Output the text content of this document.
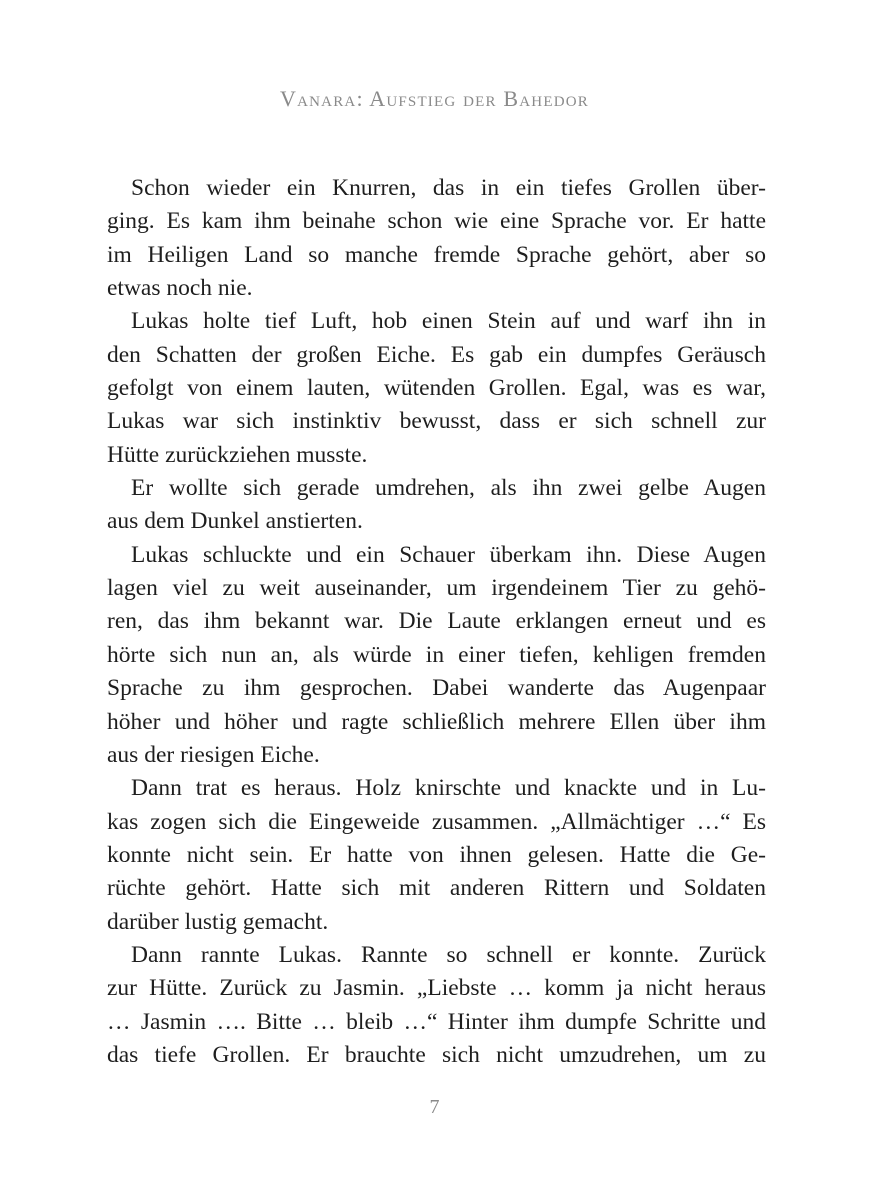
Vanara: Aufstieg der Bahedor
Schon wieder ein Knurren, das in ein tiefes Grollen über-
ging. Es kam ihm beinahe schon wie eine Sprache vor. Er hatte
im Heiligen Land so manche fremde Sprache gehört, aber so
etwas noch nie.
Lukas holte tief Luft, hob einen Stein auf und warf ihn in
den Schatten der großen Eiche. Es gab ein dumpfes Geräusch
gefolgt von einem lauten, wütenden Grollen. Egal, was es war,
Lukas war sich instinktiv bewusst, dass er sich schnell zur
Hütte zurückziehen musste.
Er wollte sich gerade umdrehen, als ihn zwei gelbe Augen
aus dem Dunkel anstierten.
Lukas schluckte und ein Schauer überkam ihn. Diese Augen
lagen viel zu weit auseinander, um irgendeinem Tier zu gehö-
ren, das ihm bekannt war. Die Laute erklangen erneut und es
hörte sich nun an, als würde in einer tiefen, kehligen fremden
Sprache zu ihm gesprochen. Dabei wanderte das Augenpaar
höher und höher und ragte schließlich mehrere Ellen über ihm
aus der riesigen Eiche.
Dann trat es heraus. Holz knirschte und knackte und in Lu-
kas zogen sich die Eingeweide zusammen. „Allmächtiger …“ Es
konnte nicht sein. Er hatte von ihnen gelesen. Hatte die Ge-
rüchte gehört. Hatte sich mit anderen Rittern und Soldaten
darüber lustig gemacht.
Dann rannte Lukas. Rannte so schnell er konnte. Zurück
zur Hütte. Zurück zu Jasmin. „Liebste … komm ja nicht heraus
… Jasmin …. Bitte … bleib …“ Hinter ihm dumpfe Schritte und
das tiefe Grollen. Er brauchte sich nicht umzudrehen, um zu
7
